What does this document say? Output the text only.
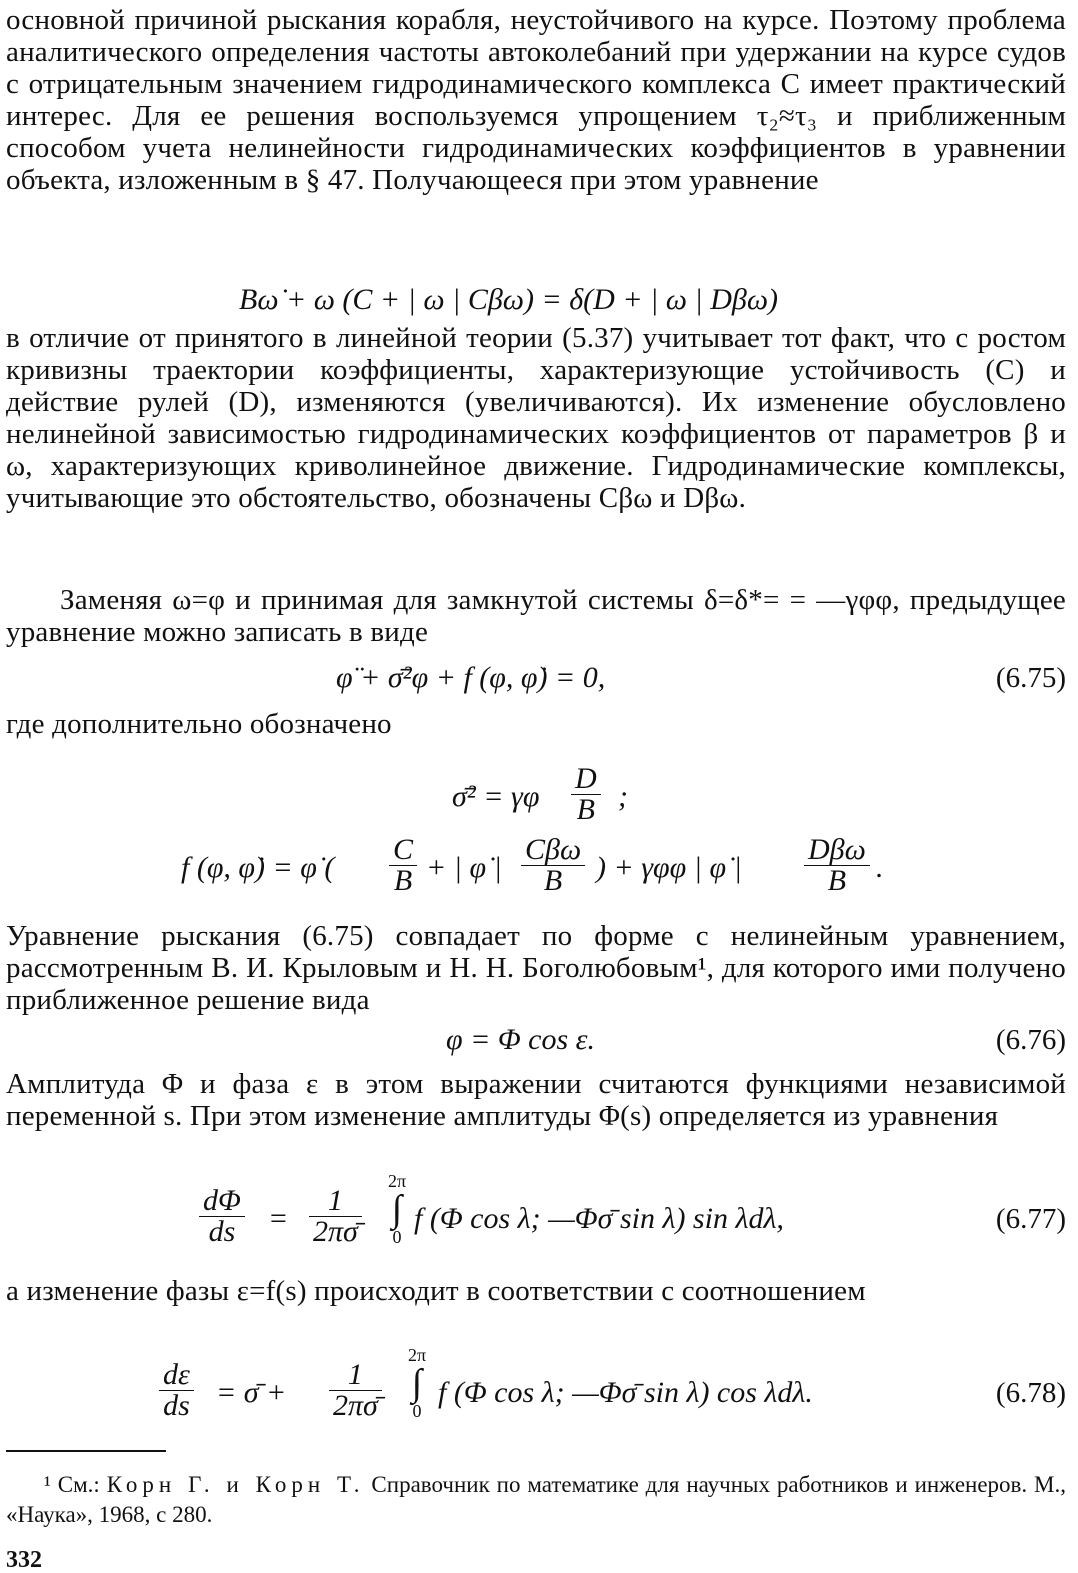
основной причиной рыскания корабля, неустойчивого на курсе. Поэтому проблема аналитического определения частоты автоколебаний при удержании на курсе судов с отрицательным значением гидродинамического комплекса C имеет практический интерес. Для ее решения воспользуемся упрощением τ₂≈τ₃ и приближенным способом учета нелинейности гидродинамических коэффициентов в уравнении объекта, изложенным в § 47. Получающееся при этом уравнение

Bω̇ + ω (C + | ω | Cβω) = δ(D + | ω | Dβω)

в отличие от принятого в линейной теории (5.37) учитывает тот факт, что с ростом кривизны траектории коэффициенты, характеризующие устойчивость (C) и действие рулей (D), изменяются (увеличиваются). Их изменение обусловлено нелинейной зависимостью гидродинамических коэффициентов от параметров β и ω, характеризующих криволинейное движение. Гидродинамические комплексы, учитывающие это обстоятельство, обозначены Cβω и Dβω.

Заменяя ω=φ и принимая для замкнутой системы δ=δ*= = —γφφ, предыдущее уравнение можно записать в виде

φ̈ + σ̄²φ + f (φ, φ̇) = 0,	(6.75)

где дополнительно обозначено

σ̄² = γφ $\frac{D}{B}$ ;
f (φ, φ̇) = φ̇ ( $\frac{C}{B}$ + | φ̇ |
Cβω
B	) + γφφ | φ̇ |
Dβω
B .

Уравнение рыскания (6.75) совпадает по форме с нелинейным уравнением, рассмотренным В. И. Крыловым и Н. Н. Боголюбовым¹, для которого ими получено приближенное решение вида

φ = Φ cos ε.	(6.76)

Амплитуда Φ и фаза ε в этом выражении считаются функциями независимой переменной s. При этом изменение амплитуды Φ(s) определяется из уравнения

$\frac{d\Phi}{ds} = \frac{1}{2\pi\sigmā}$
2π
∫
0
f (Φ cos λ; —Φσ̄ sin λ) sin λdλ,	(6.77)

а изменение фазы ε=f(s) происходит в соответствии с соотношением

$\frac{d\varepsilon}{ds}$ = σ̄ + $\frac{1}{2\pi\sigmā}$
2π
∫
0
f (Φ cos λ; —Φσ̄ sin λ) cos λdλ.	(6.78)
¹ См.: Корн Г. и Корн Т. Справочник по математике для научных работников и инженеров. М., «Наука», 1968, с 280.
332
